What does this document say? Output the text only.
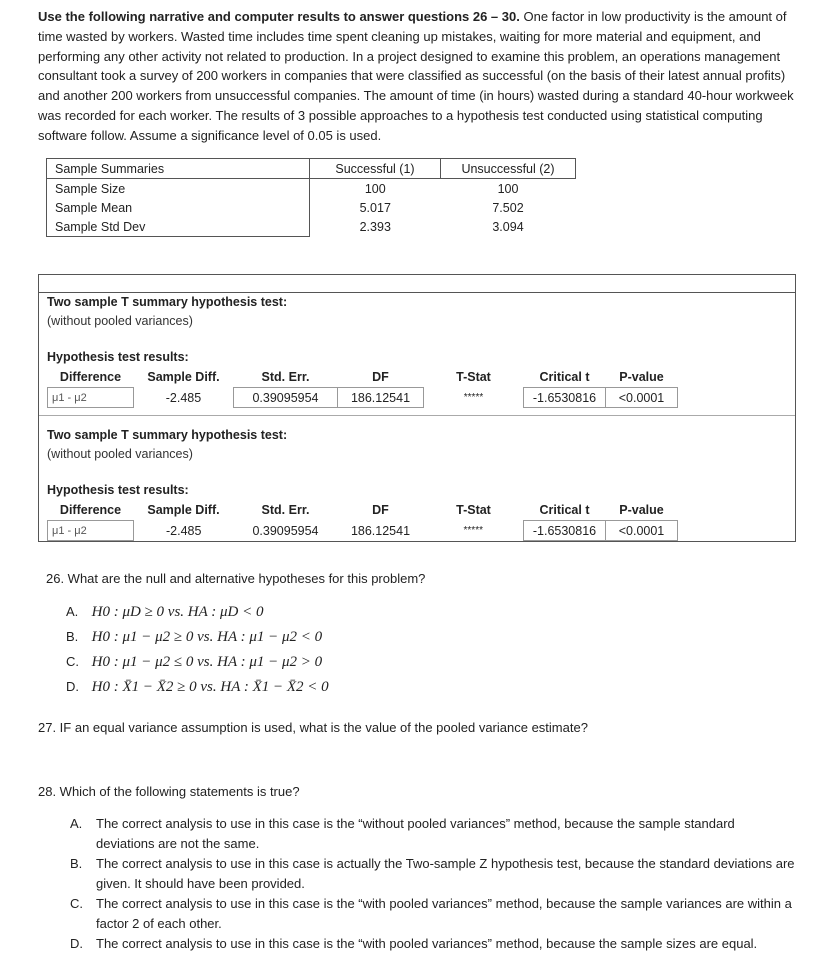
Use the following narrative and computer results to answer questions 26 – 30. One factor in low productivity is the amount of time wasted by workers. Wasted time includes time spent cleaning up mistakes, waiting for more material and equipment, and performing any other activity not related to production. In a project designed to examine this problem, an operations management consultant took a survey of 200 workers in companies that were classified as successful (on the basis of their latest annual profits) and another 200 workers from unsuccessful companies. The amount of time (in hours) wasted during a standard 40-hour workweek was recorded for each worker. The results of 3 possible approaches to a hypothesis test conducted using statistical computing software follow. Assume a significance level of 0.05 is used.
Sample Summaries	Successful (1)	Unsuccessful (2)
Sample Size	100	100
Sample Mean	5.017	7.502
Sample Std Dev	2.393	3.094
Two sample T summary hypothesis test:
(without pooled variances)
Hypothesis test results:
Difference	Sample Diff.	Std. Err.	DF	T-Stat	Critical t	P-value
μ1 - μ2	-2.485	0.39095954	186.12541	*****	-1.6530816	<0.0001
Two sample T summary hypothesis test:
(without pooled variances)
Hypothesis test results:
Difference	Sample Diff.	Std. Err.	DF	T-Stat	Critical t	P-value
μ1 - μ2	-2.485	0.39095954	186.12541	*****	-1.6530816	<0.0001
26. What are the null and alternative hypotheses for this problem?
A. H0 : μD ≥ 0 vs. HA : μD < 0
B. H0 : μ1 − μ2 ≥ 0 vs. HA : μ1 − μ2 < 0
C. H0 : μ1 − μ2 ≤ 0 vs. HA : μ1 − μ2 > 0
D. H0 : X̄1 − X̄2 ≥ 0 vs. HA : X̄1 − X̄2 < 0
27. IF an equal variance assumption is used, what is the value of the pooled variance estimate?
28. Which of the following statements is true?
A. The correct analysis to use in this case is the “without pooled variances” method, because the sample standard deviations are not the same.
B. The correct analysis to use in this case is actually the Two-sample Z hypothesis test, because the standard deviations are given. It should have been provided.
C. The correct analysis to use in this case is the “with pooled variances” method, because the sample variances are within a factor 2 of each other.
D. The correct analysis to use in this case is the “with pooled variances” method, because the sample sizes are equal.
